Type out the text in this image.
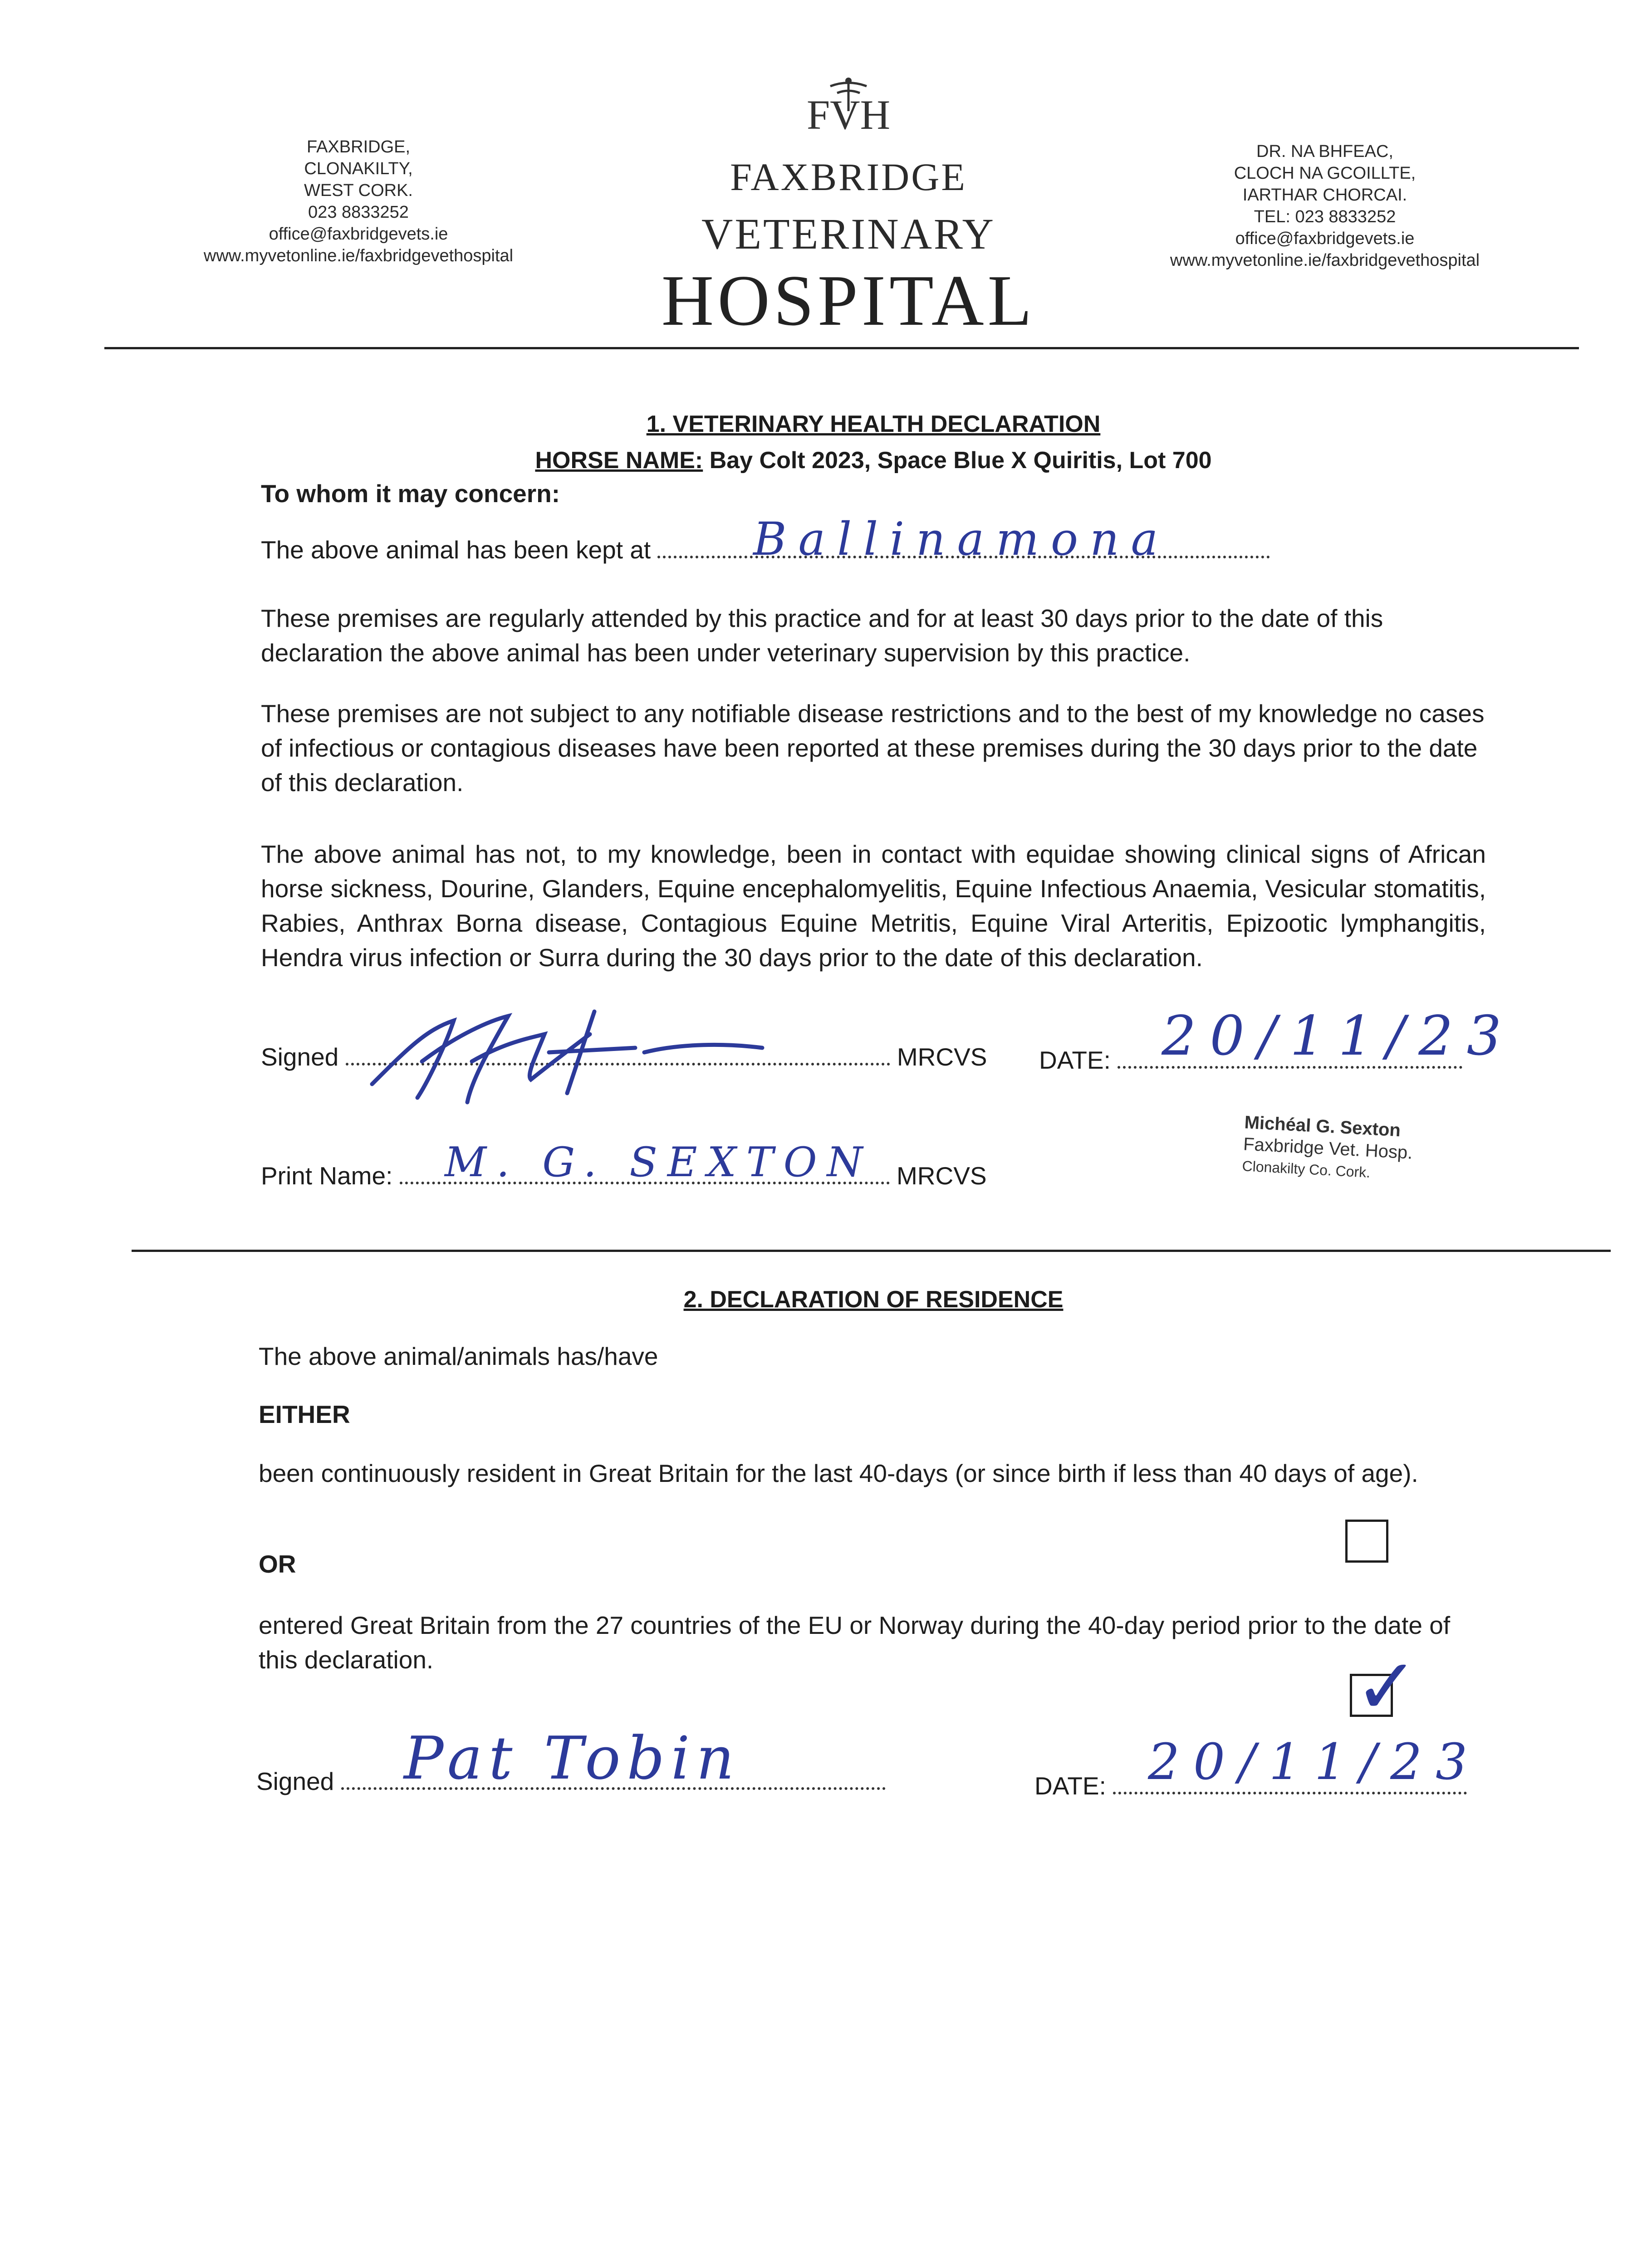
FAXBRIDGE,
CLONAKILTY,
WEST CORK.
023 8833252
office@faxbridgevets.ie
www.myvetonline.ie/faxbridgevethospital
FVH
FAXBRIDGE
VETERINARY
HOSPITAL
DR. NA BHFEAC,
CLOCH NA GCOILLTE,
IARTHAR CHORCAI.
TEL: 023 8833252
office@faxbridgevets.ie
www.myvetonline.ie/faxbridgevethospital
1. VETERINARY HEALTH DECLARATION
HORSE NAME: Bay Colt 2023, Space Blue X Quiritis, Lot 700
To whom it may concern:
The above animal has been kept at	Ballinamona
These premises are regularly attended by this practice and for at least 30 days prior to the date of this declaration the above animal has been under veterinary supervision by this practice.
These premises are not subject to any notifiable disease restrictions and to the best of my knowledge no cases of infectious or contagious diseases have been reported at these premises during the 30 days prior to the date of this declaration.
The above animal has not, to my knowledge, been in contact with equidae showing clinical signs of African horse sickness, Dourine, Glanders, Equine encephalomyelitis, Equine Infectious Anaemia, Vesicular stomatitis, Rabies, Anthrax Borna disease, Contagious Equine Metritis, Equine Viral Arteritis, Epizootic lymphangitis, Hendra virus infection or Surra during the 30 days prior to the date of this declaration.
Signed	MRCVS DATE: 20/11/23
Print Name:	MRCVS
M. G. SEXTON
Michéal G. Sexton
Faxbridge Vet. Hosp.
Clonakilty Co. Cork.
2. DECLARATION OF RESIDENCE
The above animal/animals has/have
EITHER
been continuously resident in Great Britain for the last 40-days (or since birth if less than 40 days of age).
OR
entered Great Britain from the 27 countries of the EU or Norway during the 40-day period prior to the date of this declaration.	✓
Signed	Pat Tobin	DATE: 20/11/23
